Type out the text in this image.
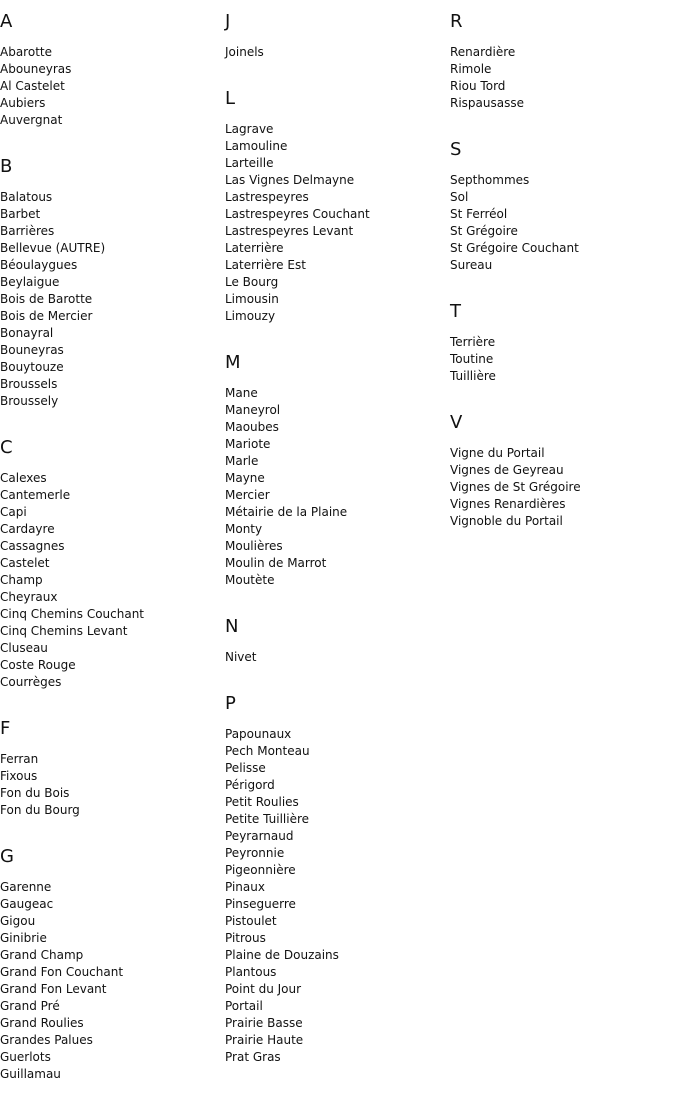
A
Abarotte
Abouneyras
Al Castelet
Aubiers
Auvergnat
B
Balatous
Barbet
Barrières
Bellevue (AUTRE)
Béoulaygues
Beylaigue
Bois de Barotte
Bois de Mercier
Bonayral
Bouneyras
Bouytouze
Broussels
Broussely
C
Calexes
Cantemerle
Capi
Cardayre
Cassagnes
Castelet
Champ
Cheyraux
Cinq Chemins Couchant
Cinq Chemins Levant
Cluseau
Coste Rouge
Courrèges
F
Ferran
Fixous
Fon du Bois
Fon du Bourg
G
Garenne
Gaugeac
Gigou
Ginibrie
Grand Champ
Grand Fon Couchant
Grand Fon Levant
Grand Pré
Grand Roulies
Grandes Palues
Guerlots
Guillamau
J
Joinels
L
Lagrave
Lamouline
Larteille
Las Vignes Delmayne
Lastrespeyres
Lastrespeyres Couchant
Lastrespeyres Levant
Laterrière
Laterrière Est
Le Bourg
Limousin
Limouzy
M
Mane
Maneyrol
Maoubes
Mariote
Marle
Mayne
Mercier
Métairie de la Plaine
Monty
Moulières
Moulin de Marrot
Moutète
N
Nivet
P
Papounaux
Pech Monteau
Pelisse
Périgord
Petit Roulies
Petite Tuillière
Peyrarnaud
Peyronnie
Pigeonnière
Pinaux
Pinseguerre
Pistoulet
Pitrous
Plaine de Douzains
Plantous
Point du Jour
Portail
Prairie Basse
Prairie Haute
Prat Gras
R
Renardière
Rimole
Riou Tord
Rispausasse
S
Septhommes
Sol
St Ferréol
St Grégoire
St Grégoire Couchant
Sureau
T
Terrière
Toutine
Tuillière
V
Vigne du Portail
Vignes de Geyreau
Vignes de St Grégoire
Vignes Renardières
Vignoble du Portail
